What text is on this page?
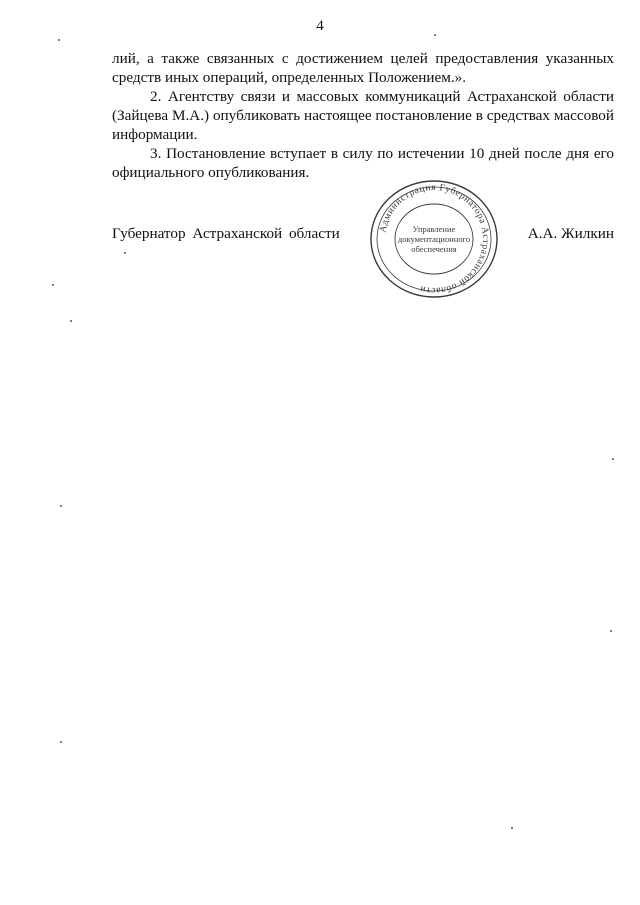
4

лий, а также связанных с достижением целей предоставления указанных средств иных операций, определенных Положением.».

2. Агентству связи и массовых коммуникаций Астраханской области (Зайцева М.А.) опубликовать настоящее постановление в средствах массовой информации.

3. Постановление вступает в силу по истечении 10 дней после дня его официального опубликования.

Губернатор Астраханской области	А.А. Жилкин
Администрация Губернатора Астраханской области
Управление
документационного
обеспечения
